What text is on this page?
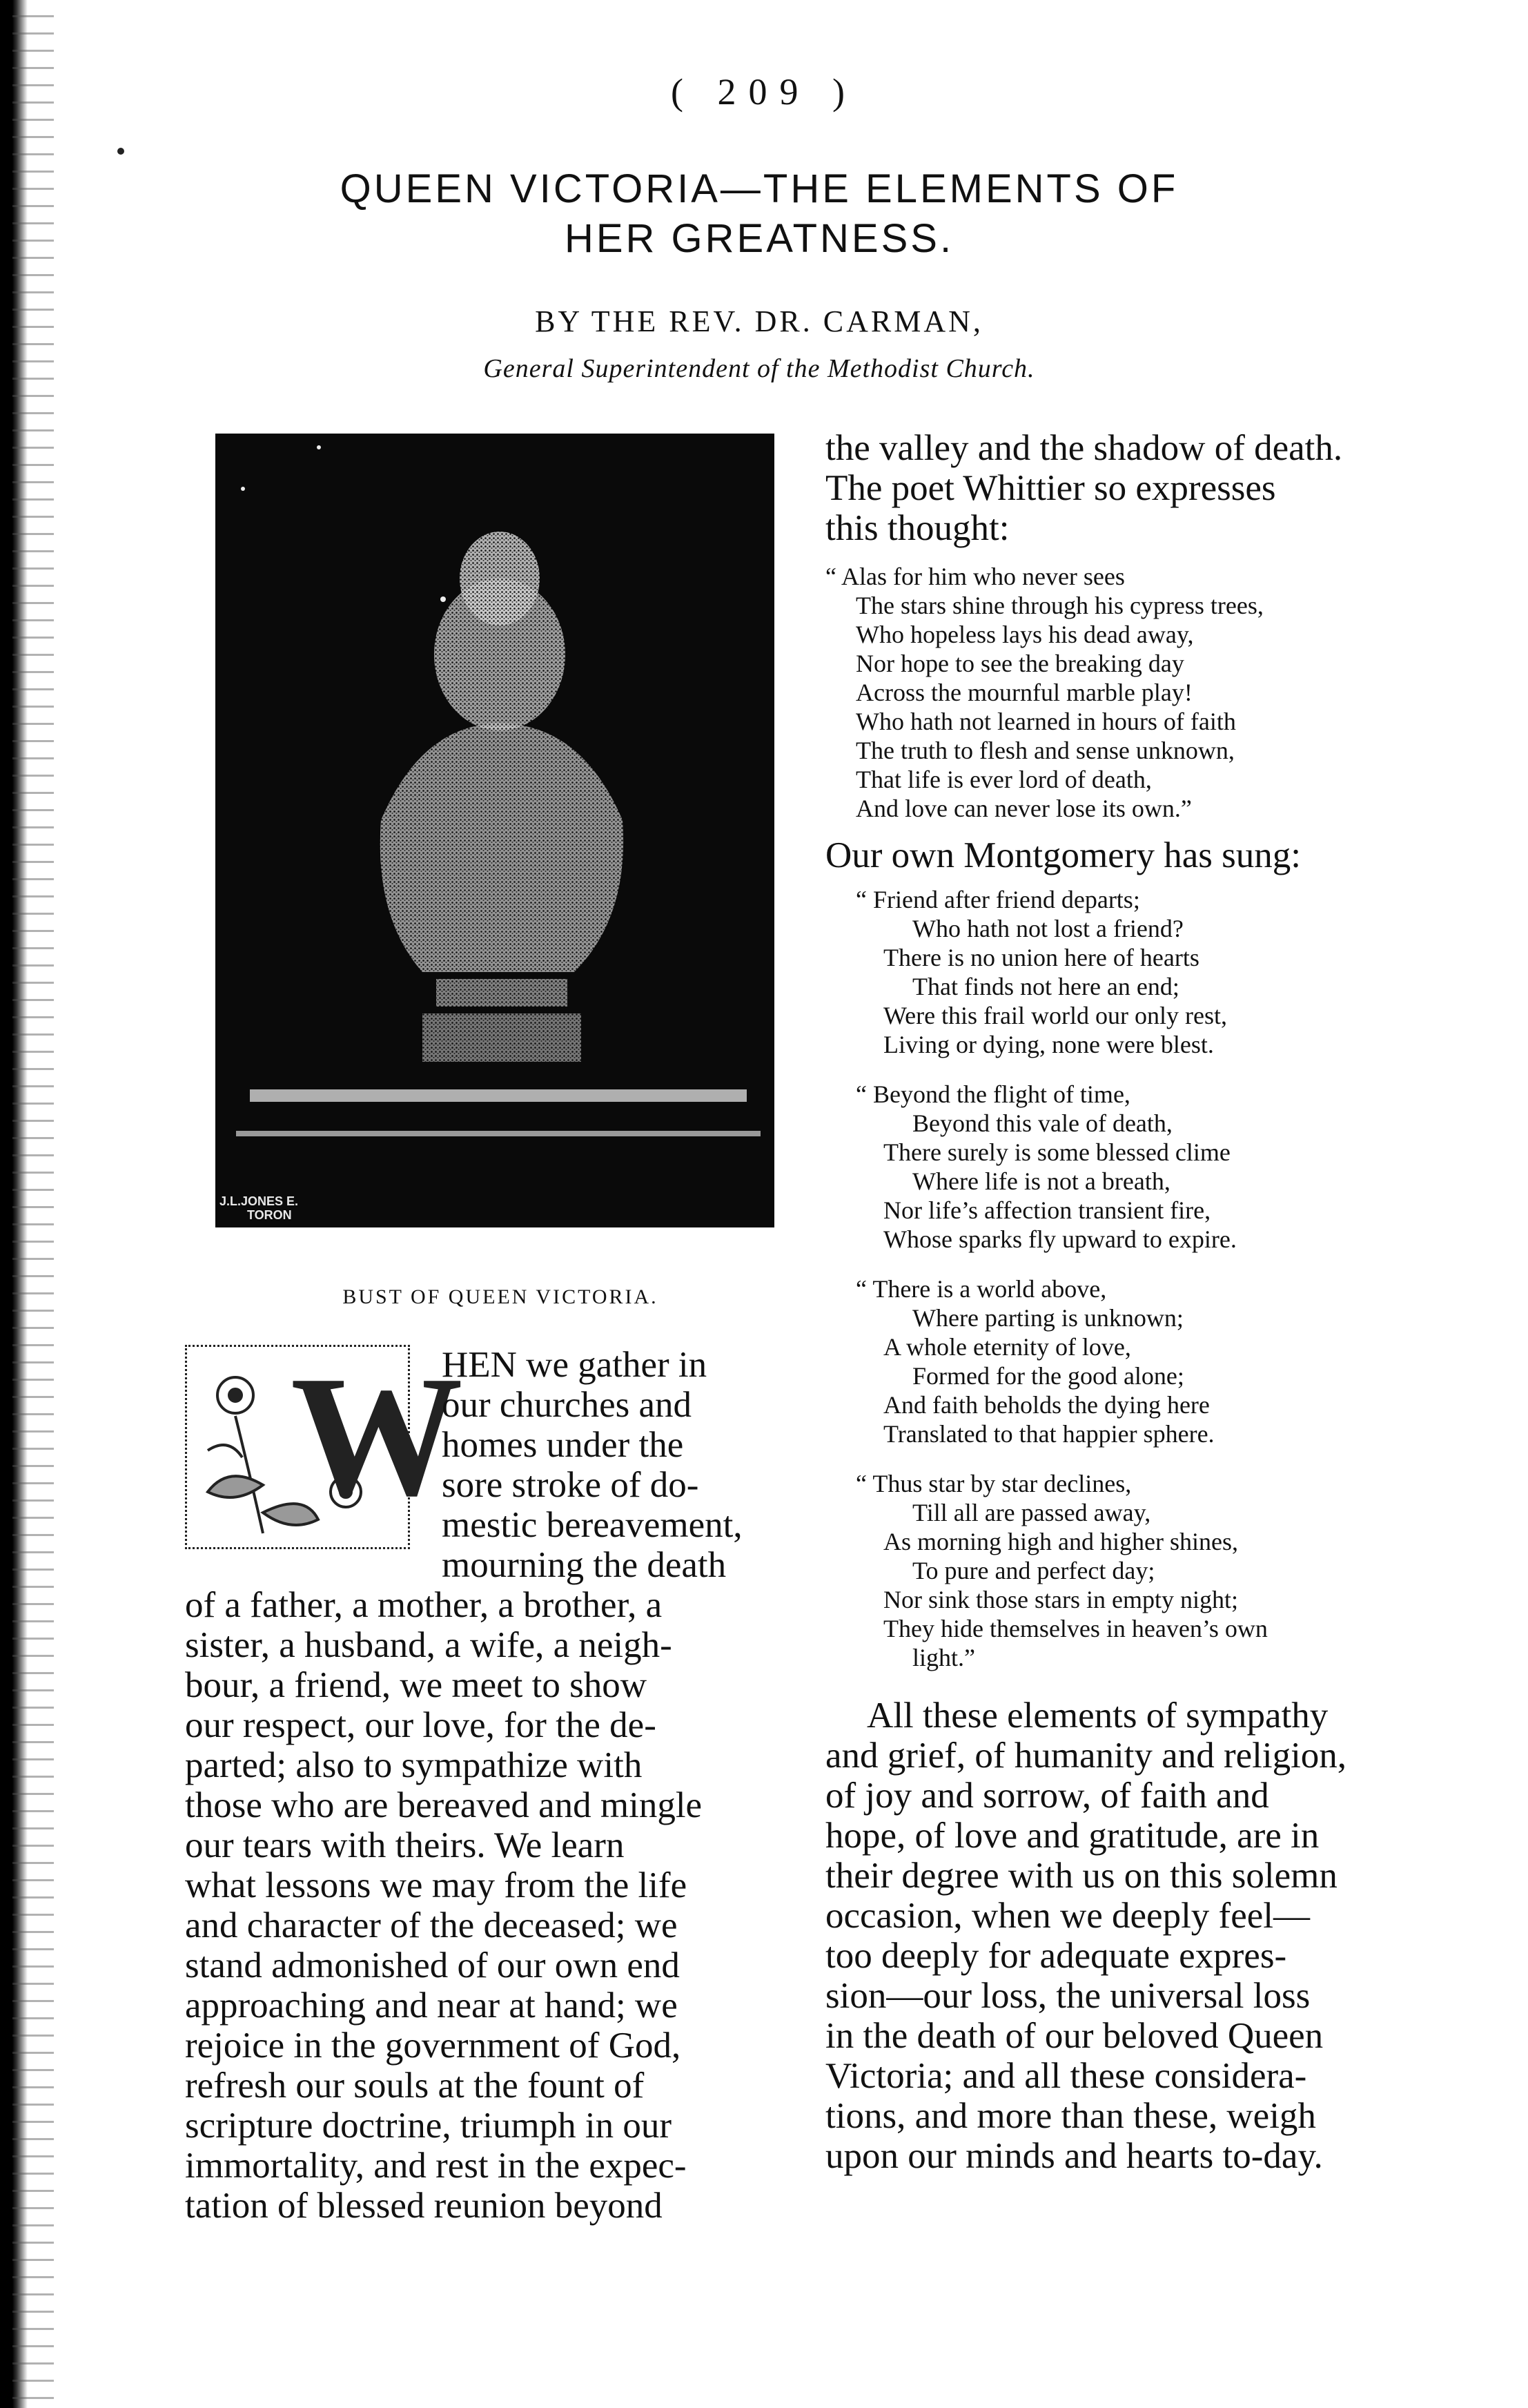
( 209 )
QUEEN VICTORIA—THE ELEMENTS OF
HER GREATNESS.
BY THE REV. DR. CARMAN,
General Superintendent of the Methodist Church.
J.L.JONES E.
TORON
BUST OF QUEEN VICTORIA.
W
HEN we gather in
our churches and
homes under the
sore stroke of do-
mestic bereavement,
mourning the death
of a father, a mother, a brother, a
sister, a husband, a wife, a neigh-
bour, a friend, we meet to show
our respect, our love, for the de-
parted; also to sympathize with
those who are bereaved and mingle
our tears with theirs. We learn
what lessons we may from the life
and character of the deceased; we
stand admonished of our own end
approaching and near at hand; we
rejoice in the government of God,
refresh our souls at the fount of
scripture doctrine, triumph in our
immortality, and rest in the expec-
tation of blessed reunion beyond
the valley and the shadow of death.
The poet Whittier so expresses
this thought:
“ Alas for him who never sees
The stars shine through his cypress trees,
Who hopeless lays his dead away,
Nor hope to see the breaking day
Across the mournful marble play!
Who hath not learned in hours of faith
The truth to flesh and sense unknown,
That life is ever lord of death,
And love can never lose its own.”
Our own Montgomery has sung:
“ Friend after friend departs;
Who hath not lost a friend?
There is no union here of hearts
That finds not here an end;
Were this frail world our only rest,
Living or dying, none were blest.
“ Beyond the flight of time,
Beyond this vale of death,
There surely is some blessed clime
Where life is not a breath,
Nor life’s affection transient fire,
Whose sparks fly upward to expire.
“ There is a world above,
Where parting is unknown;
A whole eternity of love,
Formed for the good alone;
And faith beholds the dying here
Translated to that happier sphere.
“ Thus star by star declines,
Till all are passed away,
As morning high and higher shines,
To pure and perfect day;
Nor sink those stars in empty night;
They hide themselves in heaven’s own
light.”
All these elements of sympathy
and grief, of humanity and religion,
of joy and sorrow, of faith and
hope, of love and gratitude, are in
their degree with us on this solemn
occasion, when we deeply feel—
too deeply for adequate expres-
sion—our loss, the universal loss
in the death of our beloved Queen
Victoria; and all these considera-
tions, and more than these, weigh
upon our minds and hearts to-day.
